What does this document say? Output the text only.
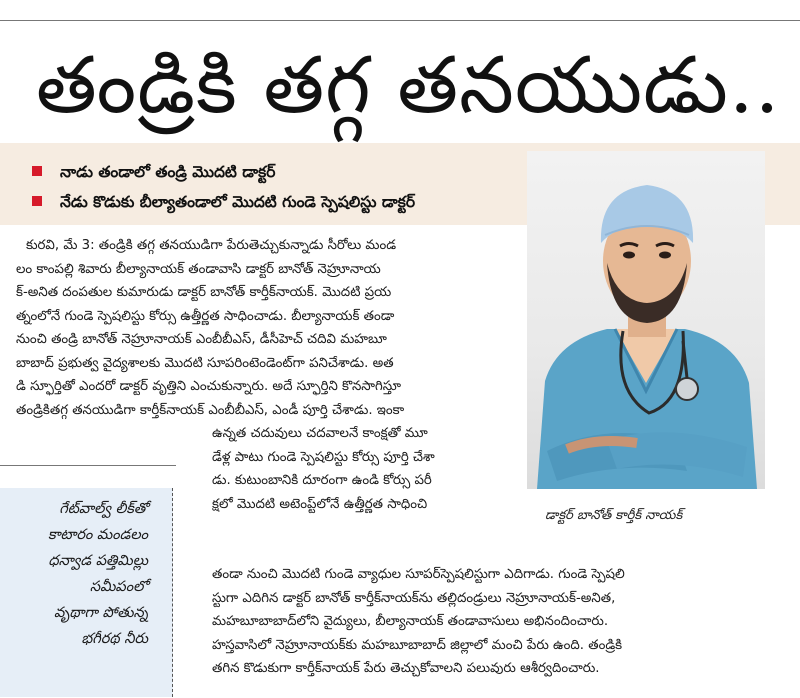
తండ్రికి తగ్గ తనయుడు..
నాడు తండాలో తండ్రి మొదటి డాక్టర్
నేడు కొడుకు బీల్యాతండాలో మొదటి గుండె స్పెషలిస్టు డాక్టర్
కురవి, మే 3: తండ్రికి తగ్గ తనయుడిగా పేరుతెచ్చుకున్నాడు సీరోలు మండ
లం కాంపల్లి శివారు బీల్యానాయక్ తండావాసి డాక్టర్ బానోత్ నెహ్రూనాయ
క్-అనిత దంపతుల కుమారుడు డాక్టర్ బానోత్ కార్తీక్‌నాయక్. మొదటి ప్రయ
త్నంలోనే గుండె స్పెషలిస్టు కోర్సు ఉత్తీర్ణత సాధించాడు. బీల్యానాయక్ తండా
నుంచి తండ్రి బానోత్ నెహ్రూనాయక్ ఎంబీబీఎస్, డీసీహెచ్ చదివి మహబూ
బాబాద్ ప్రభుత్వ వైద్యశాలకు మొదటి సూపరింటెండెంట్‌గా పనిచేశాడు. అత
డి స్ఫూర్తితో ఎందరో డాక్టర్ వృత్తిని ఎంచుకున్నారు. అదే స్ఫూర్తిని కొనసాగిస్తూ
తండ్రికితగ్గ తనయుడిగా కార్తీక్‌నాయక్ ఎంబీబీఎస్, ఎండీ పూర్తి చేశాడు. ఇంకా
ఉన్నత చదువులు చదవాలనే కాంక్షతో మూ
డేళ్ల పాటు గుండె స్పెషలిస్టు కోర్సు పూర్తి చేశా
డు. కుటుంబానికి దూరంగా ఉండి కోర్సు పరీ
క్షలో మొదటి అటెంప్ట్‌లోనే ఉత్తీర్ణత సాధించి
తండా నుంచి మొదటి గుండె వ్యాధుల సూపర్‌స్పెషలిస్టుగా ఎదిగాడు. గుండె స్పెషలి
స్టుగా ఎదిగిన డాక్టర్ బానోత్ కార్తీక్‌నాయక్‌ను తల్లిదండ్రులు నెహ్రూనాయక్-అనిత,
మహబూబాబాద్‌లోని వైద్యులు, బీల్యానాయక్ తండావాసులు అభినందించారు.
హస్తవాసిలో నెహ్రూనాయక్‌కు మహబూబాబాద్ జిల్లాలో మంచి పేరు ఉంది. తండ్రికి
తగిన కొడుకుగా కార్తీక్‌నాయక్ పేరు తెచ్చుకోవాలని పలువురు ఆశీర్వదించారు.
డాక్టర్ బానోత్ కార్తీక్ నాయక్
గేట్‌వాల్వ్ లీక్‌తో
కాటారం మండలం
ధన్వాడ పత్తిమిల్లు
సమీపంలో
వృథాగా పోతున్న
భగీరథ నీరు
